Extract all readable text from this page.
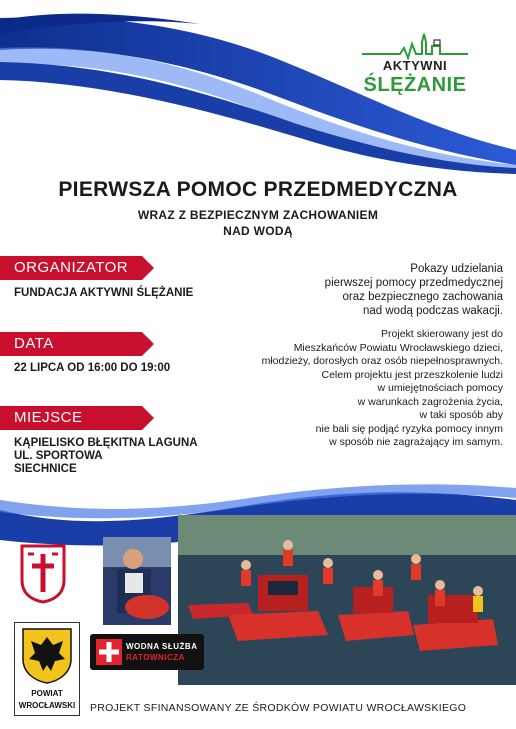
AKTYWNI
ŚLĘŻANIE
PIERWSZA POMOC PRZEDMEDYCZNA
WRAZ Z BEZPIECZNYM ZACHOWANIEM
NAD WODĄ
ORGANIZATOR
FUNDACJA AKTYWNI ŚLĘŻANIE
DATA
22 LIPCA OD 16:00 DO 19:00
MIEJSCE
KĄPIELISKO BŁĘKITNA LAGUNA
UL. SPORTOWA
SIECHNICE
Pokazy udzielania
pierwszej pomocy przedmedycznej
oraz bezpiecznego zachowania
nad wodą podczas wakacji.
Projekt skierowany jest do
Mieszkańców Powiatu Wrocławskiego dzieci,
młodzieży, dorosłych oraz osób niepełnosprawnych.
Celem projektu jest przeszkolenie ludzi
w umiejętnościach pomocy
w warunkach zagrożenia życia,
w taki sposób aby
nie bali się podjąć ryzyka pomocy innym
w sposób nie zagrażający im samym.
POWIAT
WROCŁAWSKI
WODNA SŁUŻBA
RATOWNICZA
PROJEKT SFINANSOWANY ZE ŚRODKÓW POWIATU WROCŁAWSKIEGO
